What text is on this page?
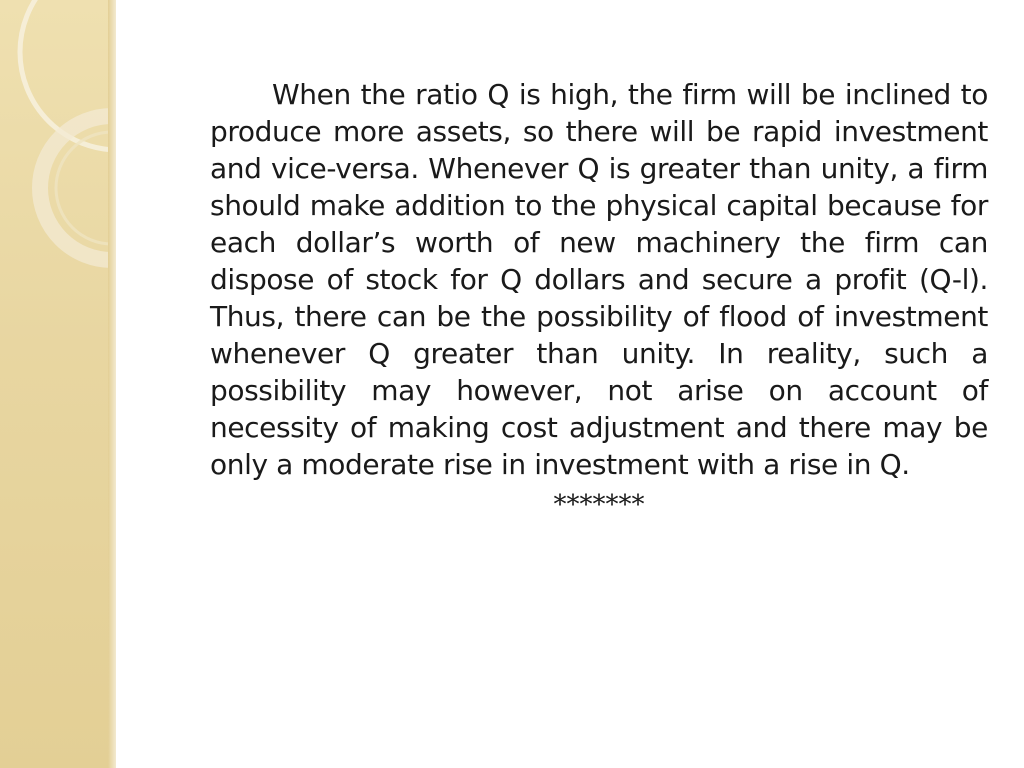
When the ratio Q is high, the firm will be inclined to produce more assets, so there will be rapid investment and vice-versa. Whenever Q is greater than unity, a firm should make addition to the physical capital because for each dollar’s worth of new machinery the firm can dispose of stock for Q dollars and secure a profit (Q-l). Thus, there can be the possibility of flood of investment whenever Q greater than unity. In reality, such a possibility may however, not arise on account of necessity of making cost adjustment and there may be only a moderate rise in investment with a rise in Q.

*******
